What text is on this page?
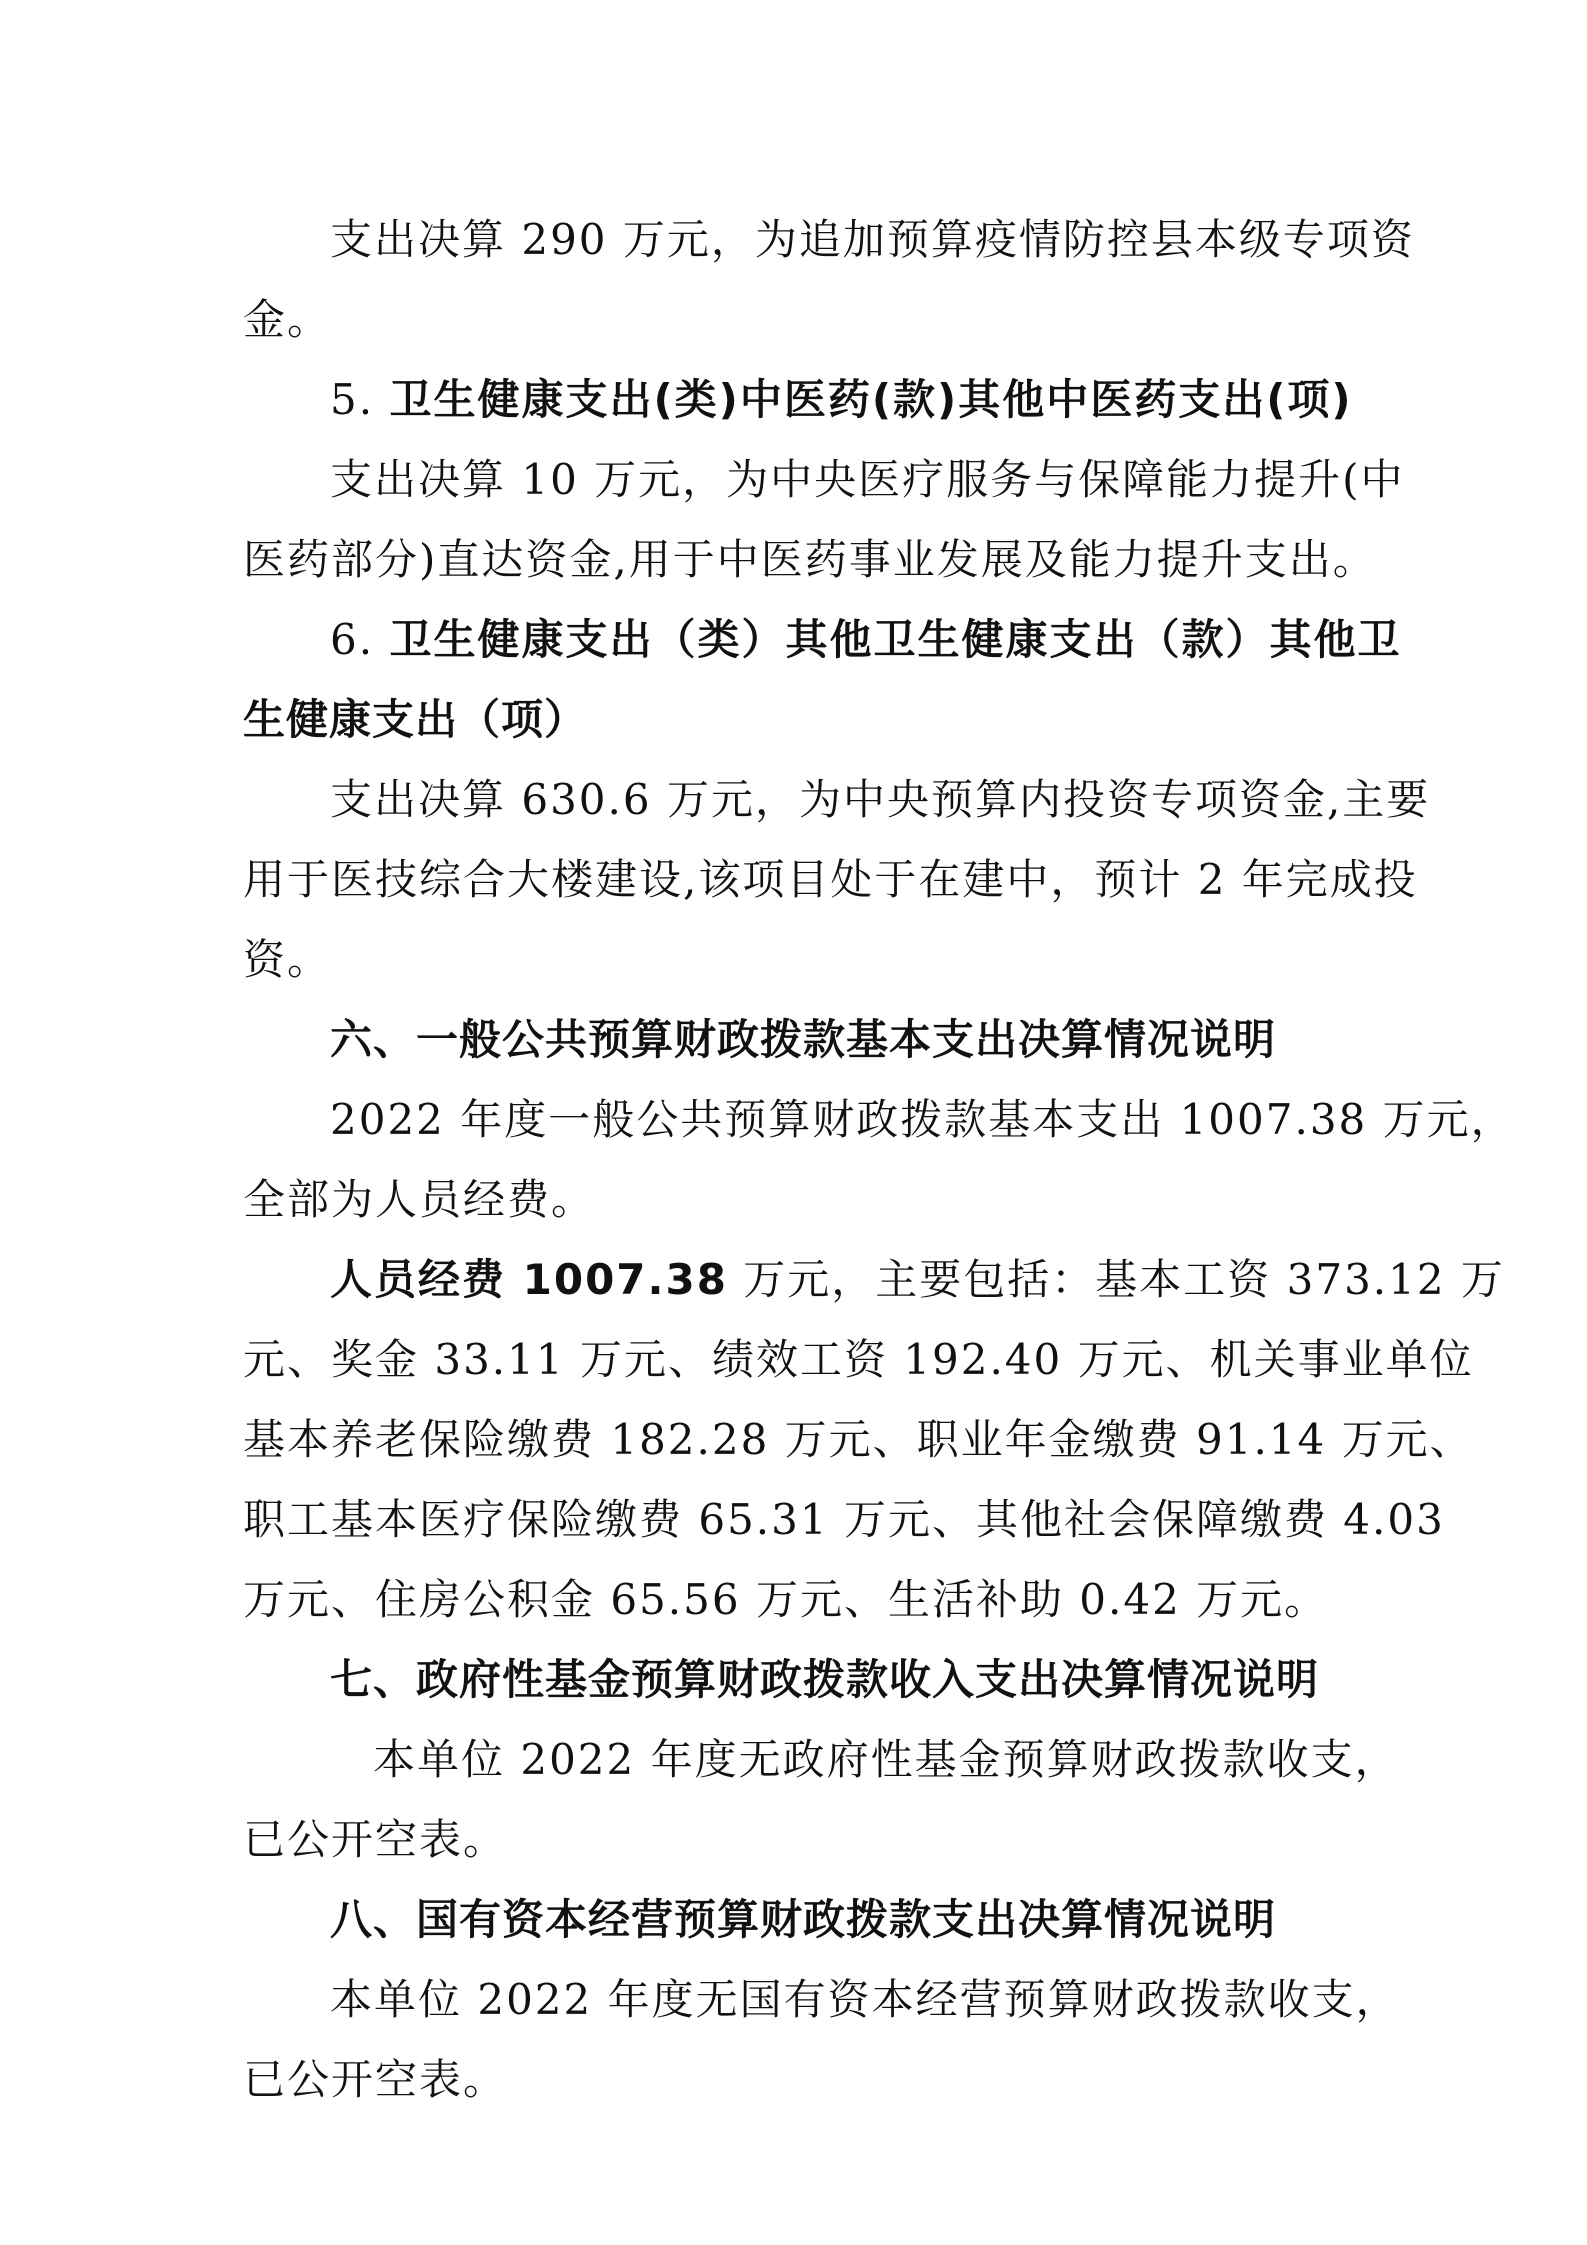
支出决算 290 万元，为追加预算疫情防控县本级专项资
金。
5. 卫生健康支出(类)中医药(款)其他中医药支出(项)
支出决算 10 万元，为中央医疗服务与保障能力提升(中
医药部分)直达资金,用于中医药事业发展及能力提升支出。
6. 卫生健康支出（类）其他卫生健康支出（款）其他卫
生健康支出（项）
支出决算 630.6 万元，为中央预算内投资专项资金,主要
用于医技综合大楼建设,该项目处于在建中，预计 2 年完成投
资。
六、一般公共预算财政拨款基本支出决算情况说明
2022 年度一般公共预算财政拨款基本支出 1007.38 万元，
全部为人员经费。
人员经费 1007.38 万元，主要包括：基本工资 373.12 万
元、奖金 33.11 万元、绩效工资 192.40 万元、机关事业单位
基本养老保险缴费 182.28 万元、职业年金缴费 91.14 万元、
职工基本医疗保险缴费 65.31 万元、其他社会保障缴费 4.03
万元、住房公积金 65.56 万元、生活补助 0.42 万元。
七、政府性基金预算财政拨款收入支出决算情况说明
本单位 2022 年度无政府性基金预算财政拨款收支，
已公开空表。
八、国有资本经营预算财政拨款支出决算情况说明
本单位 2022 年度无国有资本经营预算财政拨款收支，
已公开空表。
